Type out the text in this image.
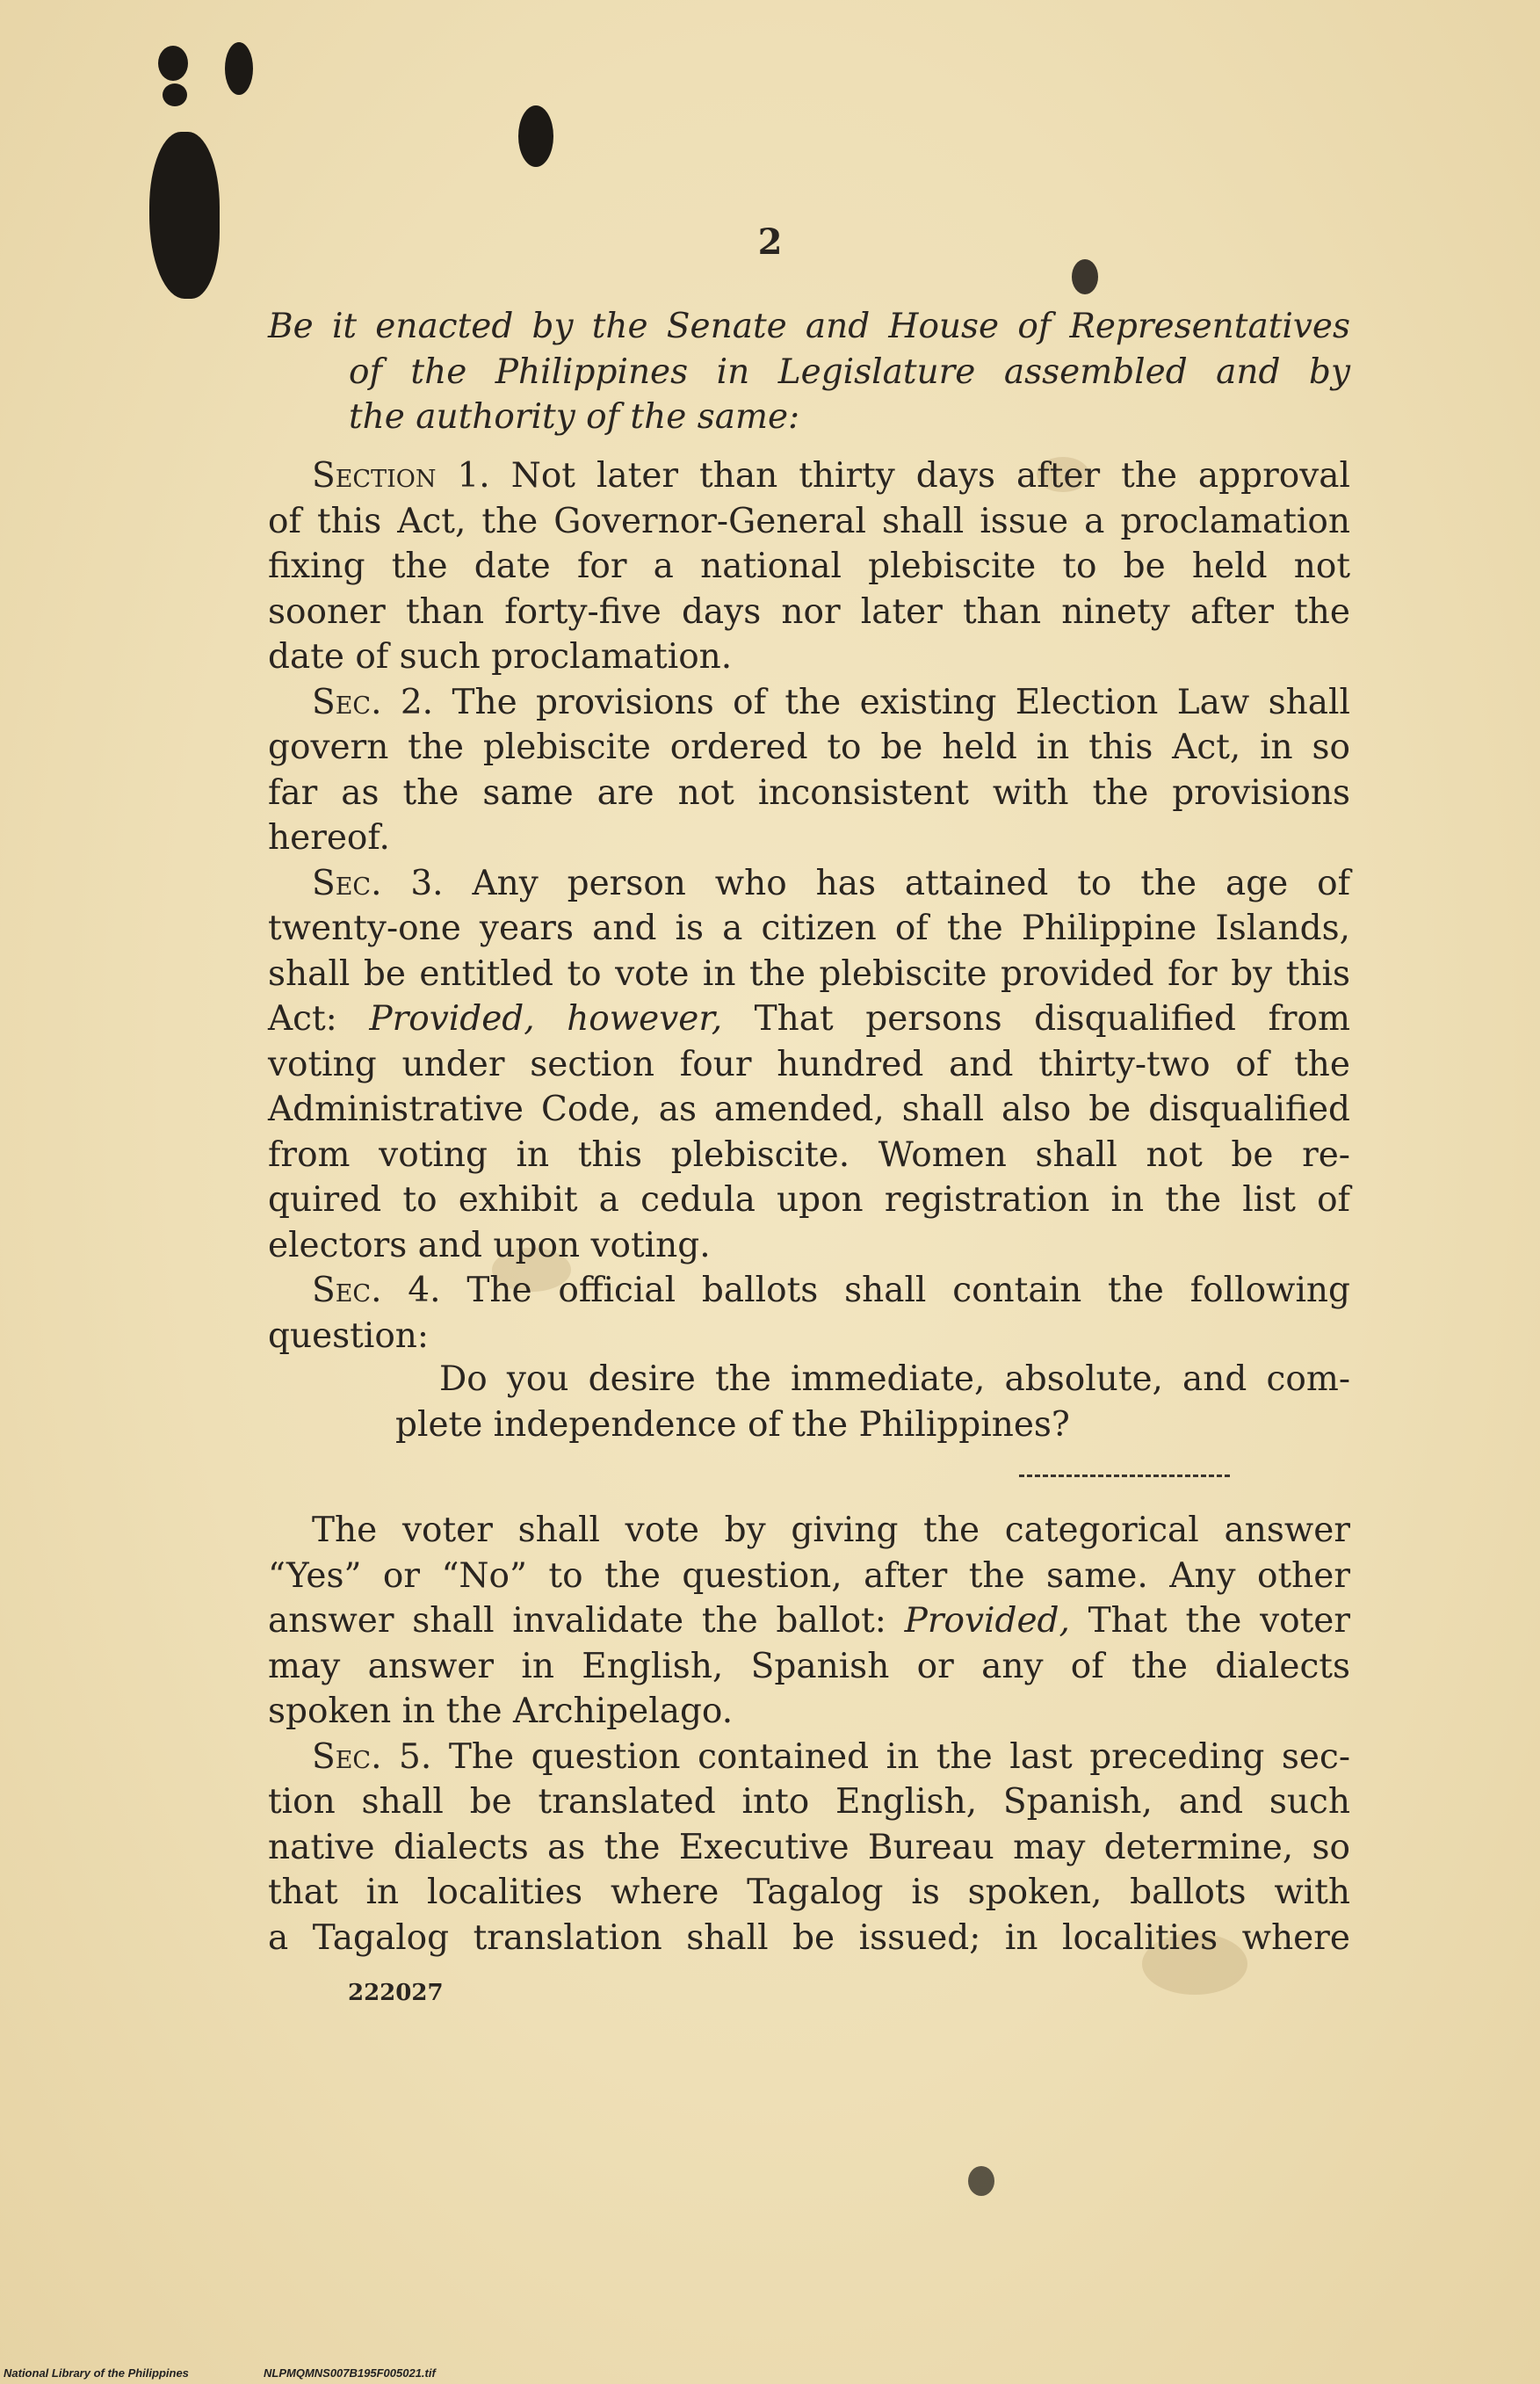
2
Be it enacted by the Senate and House of Representatives
of the Philippines in Legislature assembled and by
the authority of the same:
Section 1. Not later than thirty days after the approval
of this Act, the Governor-General shall issue a proclamation
fixing the date for a national plebiscite to be held not
sooner than forty-five days nor later than ninety after the
date of such proclamation.
Sec. 2. The provisions of the existing Election Law shall
govern the plebiscite ordered to be held in this Act, in so
far as the same are not inconsistent with the provisions
hereof.
Sec. 3. Any person who has attained to the age of
twenty-one years and is a citizen of the Philippine Islands,
shall be entitled to vote in the plebiscite provided for by this
Act: Provided, however, That persons disqualified from
voting under section four hundred and thirty-two of the
Administrative Code, as amended, shall also be disqualified
from voting in this plebiscite. Women shall not be re-
quired to exhibit a cedula upon registration in the list of
electors and upon voting.
Sec. 4. The official ballots shall contain the following
question:
Do you desire the immediate, absolute, and com-
plete independence of the Philippines?
The voter shall vote by giving the categorical answer
“Yes” or “No” to the question, after the same. Any other
answer shall invalidate the ballot: Provided, That the voter
may answer in English, Spanish or any of the dialects
spoken in the Archipelago.
Sec. 5. The question contained in the last preceding sec-
tion shall be translated into English, Spanish, and such
native dialects as the Executive Bureau may determine, so
that in localities where Tagalog is spoken, ballots with
a Tagalog translation shall be issued; in localities where
222027
National Library of the Philippines	NLPMQMNS007B195F005021.tif
